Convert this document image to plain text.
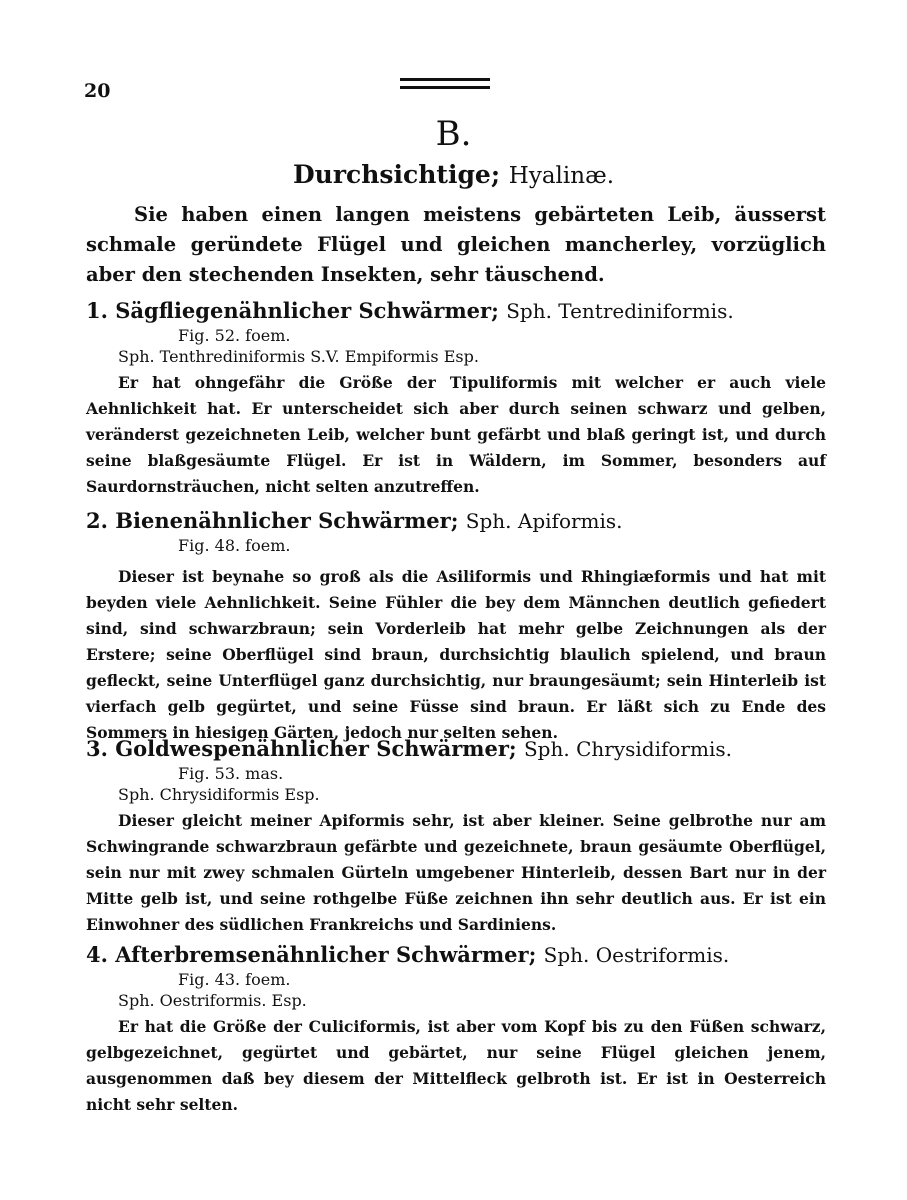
20
B.
Durchsichtige; Hyalinæ.
Sie haben einen langen meistens gebärteten Leib, äusserst schmale geründete Flügel und gleichen mancherley, vorzüglich aber den stechenden Insekten, sehr täuschend.
1. Sägfliegenähnlicher Schwärmer; Sph. Tentrediniformis.
Fig. 52. foem.
Sph. Tenthrediniformis S.V. Empiformis Esp.
Er hat ohngefähr die Größe der Tipuliformis mit welcher er auch viele Aehnlichkeit hat. Er unterscheidet sich aber durch seinen schwarz und gelben, veränderst gezeichneten Leib, welcher bunt gefärbt und blaß geringt ist, und durch seine blaßgesäumte Flügel. Er ist in Wäldern, im Sommer, besonders auf Saurdornsträuchen, nicht selten anzutreffen.
2. Bienenähnlicher Schwärmer; Sph. Apiformis.
Fig. 48. foem.
Dieser ist beynahe so groß als die Asiliformis und Rhingiæformis und hat mit beyden viele Aehnlichkeit. Seine Fühler die bey dem Männchen deutlich gefiedert sind, sind schwarzbraun; sein Vorderleib hat mehr gelbe Zeichnungen als der Erstere; seine Oberflügel sind braun, durchsichtig blaulich spielend, und braun gefleckt, seine Unterflügel ganz durchsichtig, nur braungesäumt; sein Hinterleib ist vierfach gelb gegürtet, und seine Füsse sind braun. Er läßt sich zu Ende des Sommers in hiesigen Gärten, jedoch nur selten sehen.
3. Goldwespenähnlicher Schwärmer; Sph. Chrysidiformis.
Fig. 53. mas.
Sph. Chrysidiformis Esp.
Dieser gleicht meiner Apiformis sehr, ist aber kleiner. Seine gelbrothe nur am Schwingrande schwarzbraun gefärbte und gezeichnete, braun gesäumte Oberflügel, sein nur mit zwey schmalen Gürteln umgebener Hinterleib, dessen Bart nur in der Mitte gelb ist, und seine rothgelbe Füße zeichnen ihn sehr deutlich aus. Er ist ein Einwohner des südlichen Frankreichs und Sardiniens.
4. Afterbremsenähnlicher Schwärmer; Sph. Oestriformis.
Fig. 43. foem.
Sph. Oestriformis. Esp.
Er hat die Größe der Culiciformis, ist aber vom Kopf bis zu den Füßen schwarz, gelbgezeichnet, gegürtet und gebärtet, nur seine Flügel gleichen jenem, ausgenommen daß bey diesem der Mittelfleck gelbroth ist. Er ist in Oesterreich nicht sehr selten.
